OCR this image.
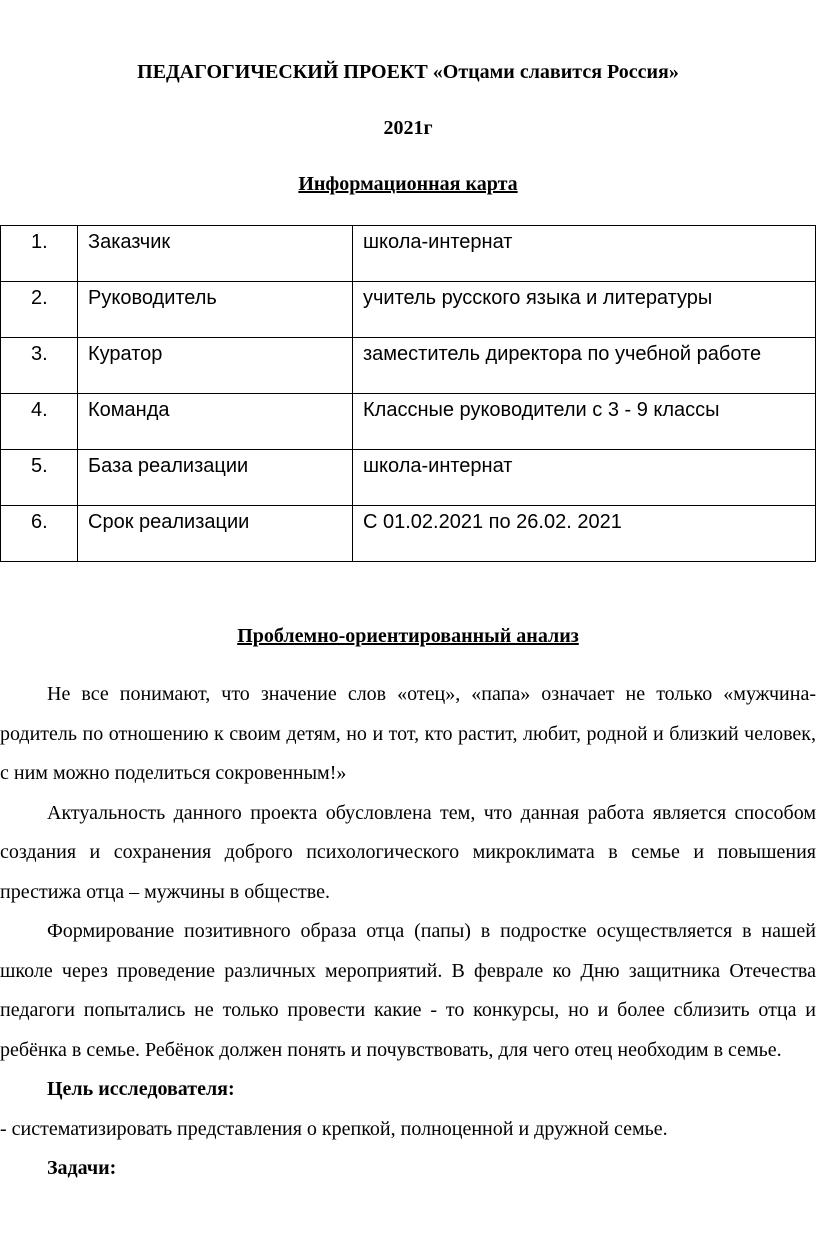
ПЕДАГОГИЧЕСКИЙ ПРОЕКТ «Отцами славится Россия»
2021г
Информационная карта
1.	Заказчик	школа-интернат
2.	Руководитель	учитель русского языка и литературы
3.	Куратор	заместитель директора по учебной работе
4.	Команда	Классные руководители с 3 - 9 классы
5.	База реализации	школа-интернат
6.	Срок реализации	С 01.02.2021 по 26.02. 2021
Проблемно-ориентированный анализ

Не все понимают, что значение слов «отец», «папа» означает не только «мужчина-родитель по отношению к своим детям, но и тот, кто растит, любит, родной и близкий человек, с ним можно поделиться сокровенным!»

Актуальность данного проекта обусловлена тем, что данная работа является способом создания и сохранения доброго психологического микроклимата в семье и повышения престижа отца – мужчины в обществе.

Формирование позитивного образа отца (папы) в подростке осуществляется в нашей школе через проведение различных мероприятий. В феврале ко Дню защитника Отечества педагоги попытались не только провести какие - то конкурсы, но и более сблизить отца и ребёнка в семье. Ребёнок должен понять и почувствовать, для чего отец необходим в семье.

Цель исследователя:

- систематизировать представления о крепкой, полноценной и дружной семье.

Задачи:
